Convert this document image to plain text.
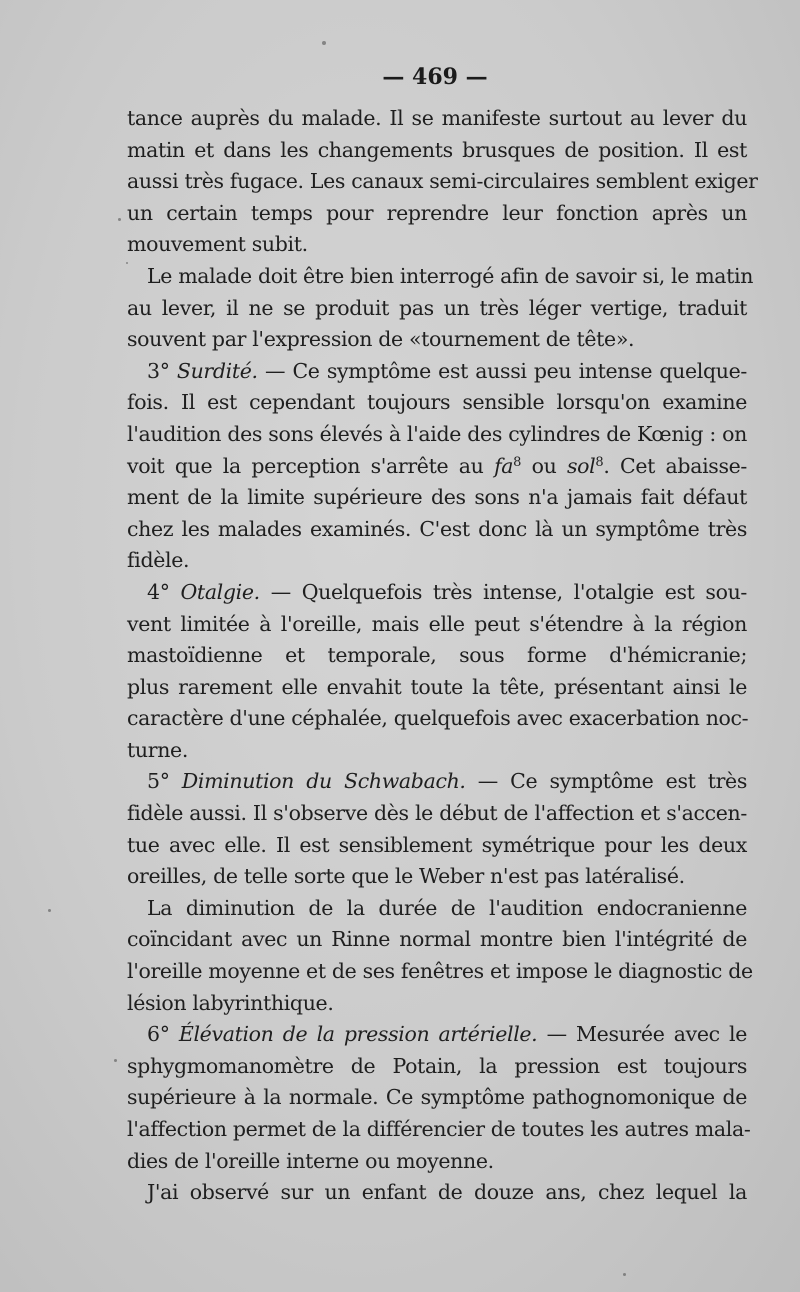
— 469 —

tance auprès du malade. Il se manifeste surtout au lever du

matin et dans les changements brusques de position. Il est

aussi très fugace. Les canaux semi-circulaires semblent exiger

un certain temps pour reprendre leur fonction après un

mouvement subit.

Le malade doit être bien interrogé afin de savoir si, le matin

au lever, il ne se produit pas un très léger vertige, traduit

souvent par l'expression de «tournement de tête».

3° Surdité. — Ce symptôme est aussi peu intense quelque-

fois. Il est cependant toujours sensible lorsqu'on examine

l'audition des sons élevés à l'aide des cylindres de Kœnig : on

voit que la perception s'arrête au $fa^8$ ou sol$^8$. Cet abaisse-

ment de la limite supérieure des sons n'a jamais fait défaut

chez les malades examinés. C'est donc là un symptôme très

fidèle.

4° Otalgie. — Quelquefois très intense, l'otalgie est sou-

vent limitée à l'oreille, mais elle peut s'étendre à la région

mastoïdienne et temporale, sous forme d'hémicranie;

plus rarement elle envahit toute la tête, présentant ainsi le

caractère d'une céphalée, quelquefois avec exacerbation noc-

turne.

5° Diminution du Schwabach. — Ce symptôme est très

fidèle aussi. Il s'observe dès le début de l'affection et s'accen-

tue avec elle. Il est sensiblement symétrique pour les deux

oreilles, de telle sorte que le Weber n'est pas latéralisé.

La diminution de la durée de l'audition endocranienne

coïncidant avec un Rinne normal montre bien l'intégrité de

l'oreille moyenne et de ses fenêtres et impose le diagnostic de

lésion labyrinthique.

6° Élévation de la pression artérielle. — Mesurée avec le

sphygmomanomètre de Potain, la pression est toujours

supérieure à la normale. Ce symptôme pathognomonique de

l'affection permet de la différencier de toutes les autres mala-

dies de l'oreille interne ou moyenne.

J'ai observé sur un enfant de douze ans, chez lequel la
